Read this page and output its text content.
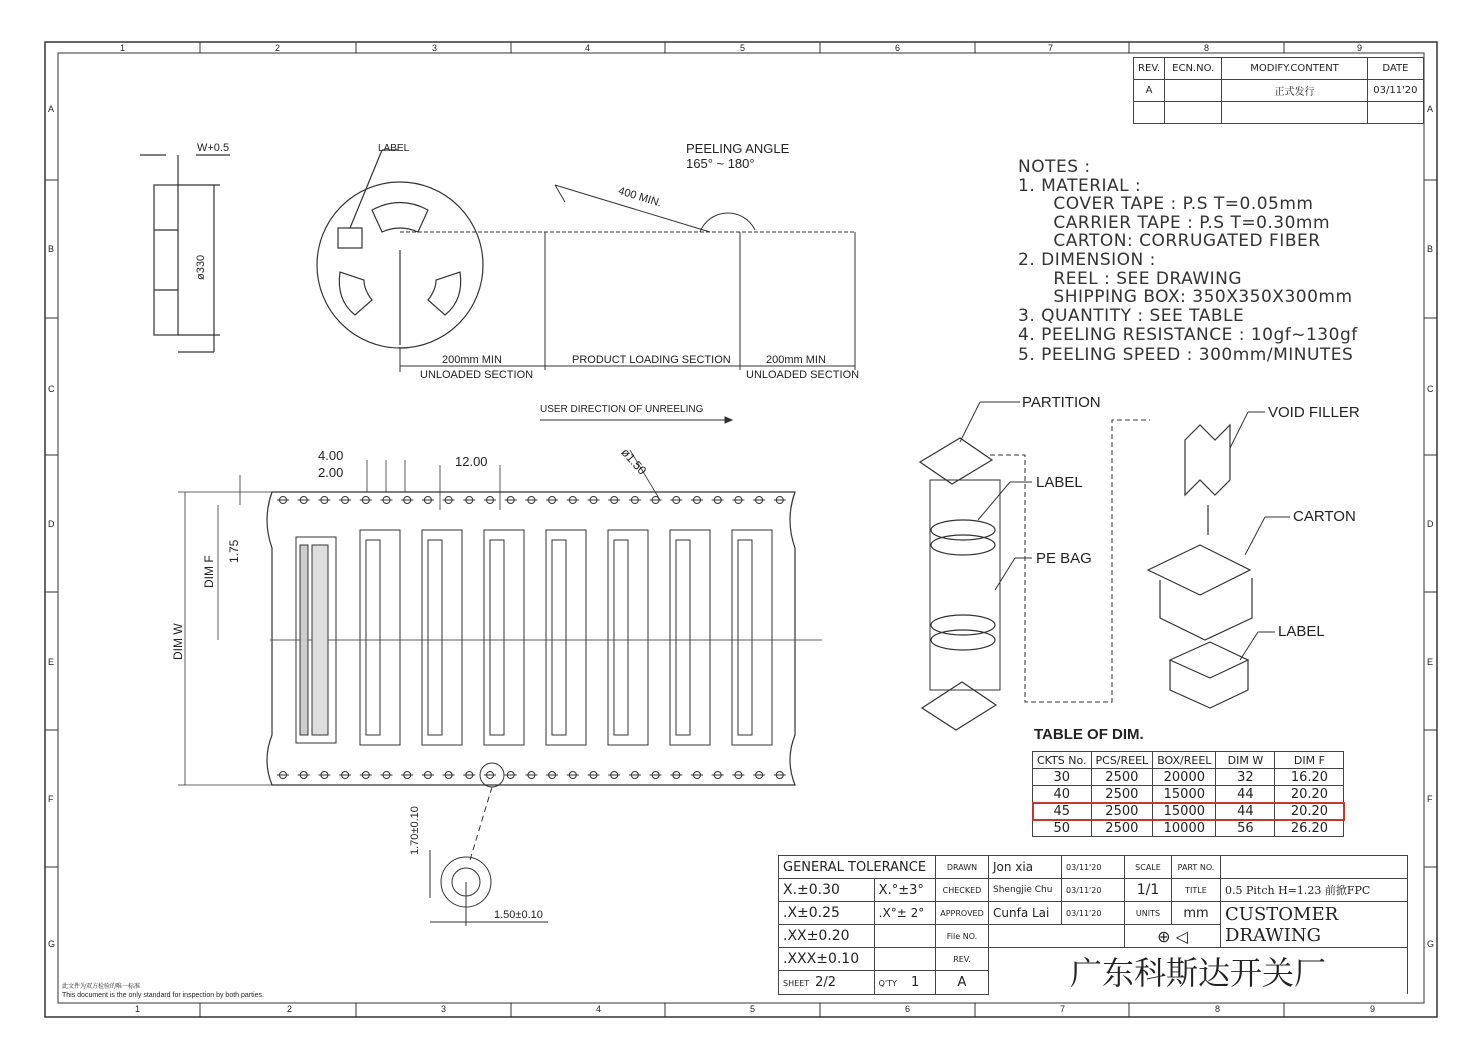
1	2	3	4	5	6	7	8	9
1	2	3	4	5	6	7	8	9
A
B
C
D
E
F
G
A
B
C
D
E
F
G
REV.	ECN.NO.	MODIFY.CONTENT	DATE
A		正式发行	03/11'20

W+0.5
ø330
LABEL	PEELING ANGLE
165° ~ 180°
400 MIN.
200mm MIN
UNLOADED SECTION
PRODUCT LOADING SECTION	200mm MIN
UNLOADED SECTION
USER DIRECTION OF UNREELING
NOTES :
1. MATERIAL :
COVER TAPE : P.S T=0.05mm
CARRIER TAPE : P.S T=0.30mm
CARTON: CORRUGATED FIBER
2. DIMENSION :
REEL : SEE DRAWING
SHIPPING BOX: 350X350X300mm
3. QUANTITY : SEE TABLE
4. PEELING RESISTANCE : 10gf~130gf
5. PEELING SPEED : 300mm/MINUTES
4.00
2.00
12.00	ø1.50
1.75
DIM F
DIM W
1.70±0.10
1.50±0.10
PARTITION
LABEL
PE BAG
VOID FILLER
CARTON
LABEL
TABLE OF DIM.
CKTS No.	PCS/REEL	BOX/REEL	DIM W	DIM F
30	2500	20000	32	16.20
40	2500	15000	44	20.20
45	2500	15000	44	20.20
50	2500	10000	56	26.20
GENERAL TOLERANCE		DRAWN	Jon xia	03/11'20	SCALE	PART NO.	
X.±0.30	X.°±3°	CHECKED	Shengjie Chu	03/11'20	1/1	TITLE	0.5 Pitch H=1.23 前掀FPC
.X±0.25	.X°± 2°	APPROVED	Cunfa Lai	03/11'20	UNITS	mm	CUSTOMER DRAWING
.XX±0.20		File NO.			⊕ ◁		
.XXX±0.10		REV.	广东科斯达开关厂				
SHEET 2/2	Q'TY 1	A					
此文件为双方检验的唯一标准
This document is the only standard for inspection by both parties.
